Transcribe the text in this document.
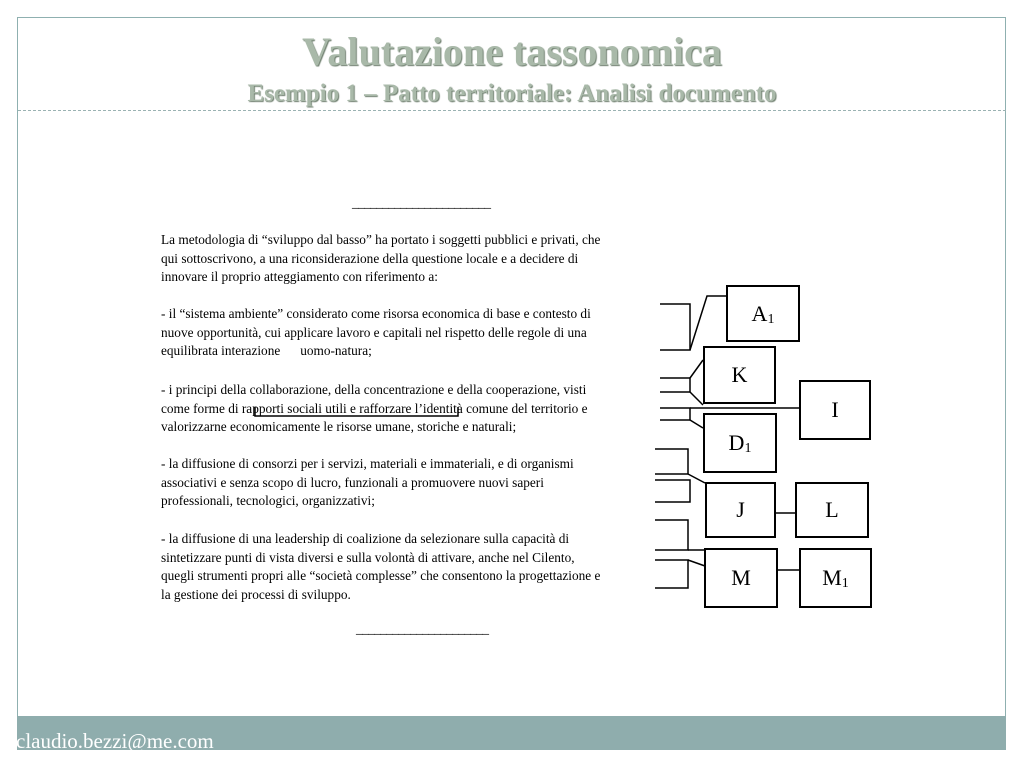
Valutazione tassonomica
Esempio 1 – Patto territoriale: Analisi documento
_______________________

La metodologia di “sviluppo dal basso” ha portato i soggetti pubblici e privati, che
qui sottoscrivono, a una riconsiderazione della questione locale e a decidere di
innovare il proprio atteggiamento con riferimento a:

- il “sistema ambiente” considerato come risorsa economica di base e contesto di
nuove opportunità, cui applicare lavoro e capitali nel rispetto delle regole di una
equilibrata interazione      uomo-natura;

- i principi della collaborazione, della concentrazione e della cooperazione, visti
come forme di rapporti sociali utili e rafforzare l’identità comune del territorio e
valorizzarne economicamente le risorse umane, storiche e naturali;

- la diffusione di consorzi per i servizi, materiali e immateriali, e di organismi
associativi e senza scopo di lucro, funzionali a promuovere nuovi saperi
professionali, tecnologici, organizzativi;

- la diffusione di una leadership di coalizione da selezionare sulla capacità di
sintetizzare punti di vista diversi e sulla volontà di attivare, anche nel Cilento,
quegli strumenti propri alle “società complesse” che consentono la progettazione e
la gestione dei processi di sviluppo.

______________________
A 1
K
I
D 1
J	L
M	M 1
claudio.bezzi@me.com
